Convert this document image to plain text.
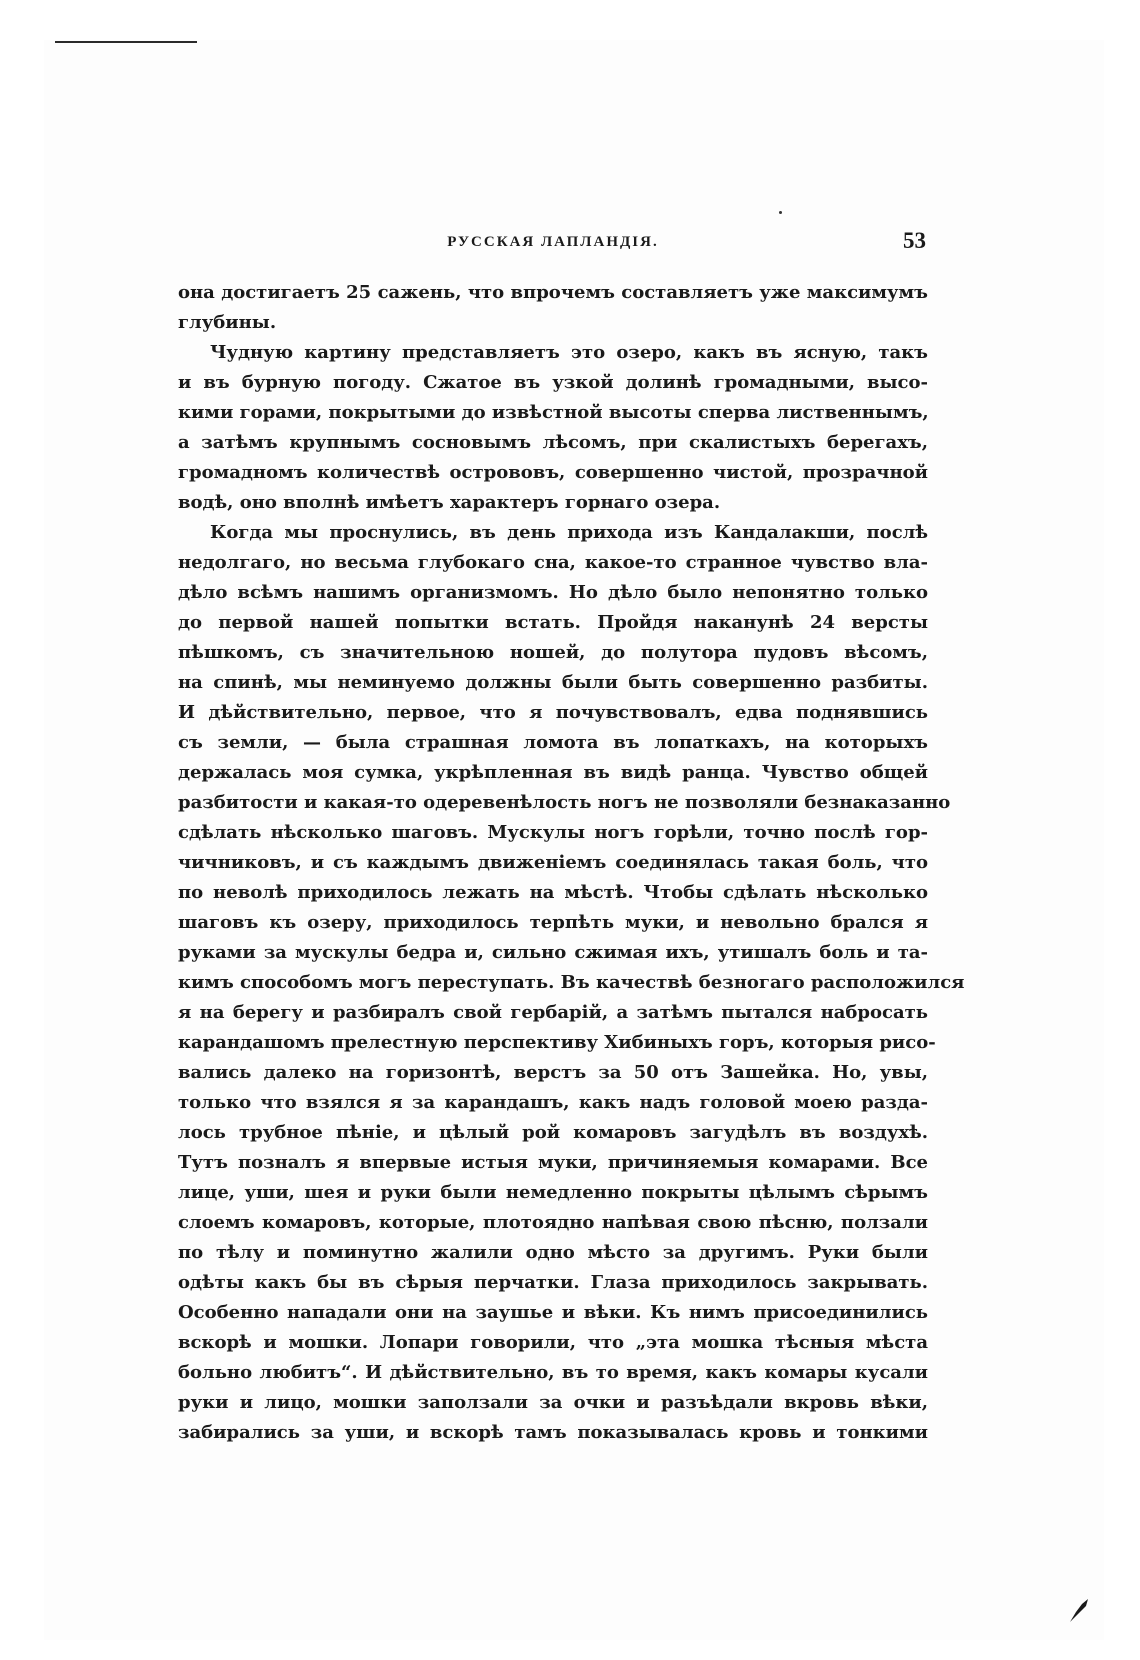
РУССКАЯ ЛАПЛАНДІЯ.	53
она достигаетъ 25 сажень, что впрочемъ составляетъ уже максимумъ
глубины.
Чудную картину представляетъ это озеро, какъ въ ясную, такъ
и въ бурную погоду. Сжатое въ узкой долинѣ громадными, высо-
кими горами, покрытыми до извѣстной высоты сперва лиственнымъ,
а затѣмъ крупнымъ сосновымъ лѣсомъ, при скалистыхъ берегахъ,
громадномъ количествѣ острововъ, совершенно чистой, прозрачной
водѣ, оно вполнѣ имѣетъ характеръ горнаго озера.
Когда мы проснулись, въ день прихода изъ Кандалакши, послѣ
недолгаго, но весьма глубокаго сна, какое-то странное чувство вла-
дѣло всѣмъ нашимъ организмомъ. Но дѣло было непонятно только
до первой нашей попытки встать. Пройдя наканунѣ 24 версты
пѣшкомъ, съ значительною ношей, до полутора пудовъ вѣсомъ,
на спинѣ, мы неминуемо должны были быть совершенно разбиты.
И дѣйствительно, первое, что я почувствовалъ, едва поднявшись
съ земли, — была страшная ломота въ лопаткахъ, на которыхъ
держалась моя сумка, укрѣпленная въ видѣ ранца. Чувство общей
разбитости и какая-то одеревенѣлость ногъ не позволяли безнаказанно
сдѣлать нѣсколько шаговъ. Мускулы ногъ горѣли, точно послѣ гор-
чичниковъ, и съ каждымъ движеніемъ соединялась такая боль, что
по неволѣ приходилось лежать на мѣстѣ. Чтобы сдѣлать нѣсколько
шаговъ къ озеру, приходилось терпѣть муки, и невольно брался я
руками за мускулы бедра и, сильно сжимая ихъ, утишалъ боль и та-
кимъ способомъ могъ переступать. Въ качествѣ безногаго расположился
я на берегу и разбиралъ свой гербарій, а затѣмъ пытался набросать
карандашомъ прелестную перспективу Хибиныхъ горъ, которыя рисо-
вались далеко на горизонтѣ, верстъ за 50 отъ Зашейка. Но, увы,
только что взялся я за карандашъ, какъ надъ головой моею разда-
лось трубное пѣніе, и цѣлый рой комаровъ загудѣлъ въ воздухѣ.
Тутъ позналъ я впервые истыя муки, причиняемыя комарами. Все
лице, уши, шея и руки были немедленно покрыты цѣлымъ сѣрымъ
слоемъ комаровъ, которые, плотоядно напѣвая свою пѣсню, ползали
по тѣлу и поминутно жалили одно мѣсто за другимъ. Руки были
одѣты какъ бы въ сѣрыя перчатки. Глаза приходилось закрывать.
Особенно нападали они на заушье и вѣки. Къ нимъ присоединились
вскорѣ и мошки. Лопари говорили, что „эта мошка тѣсныя мѣста
больно любитъ“. И дѣйствительно, въ то время, какъ комары кусали
руки и лицо, мошки заползали за очки и разъѣдали вкровь вѣки,
забирались за уши, и вскорѣ тамъ показывалась кровь и тонкими
